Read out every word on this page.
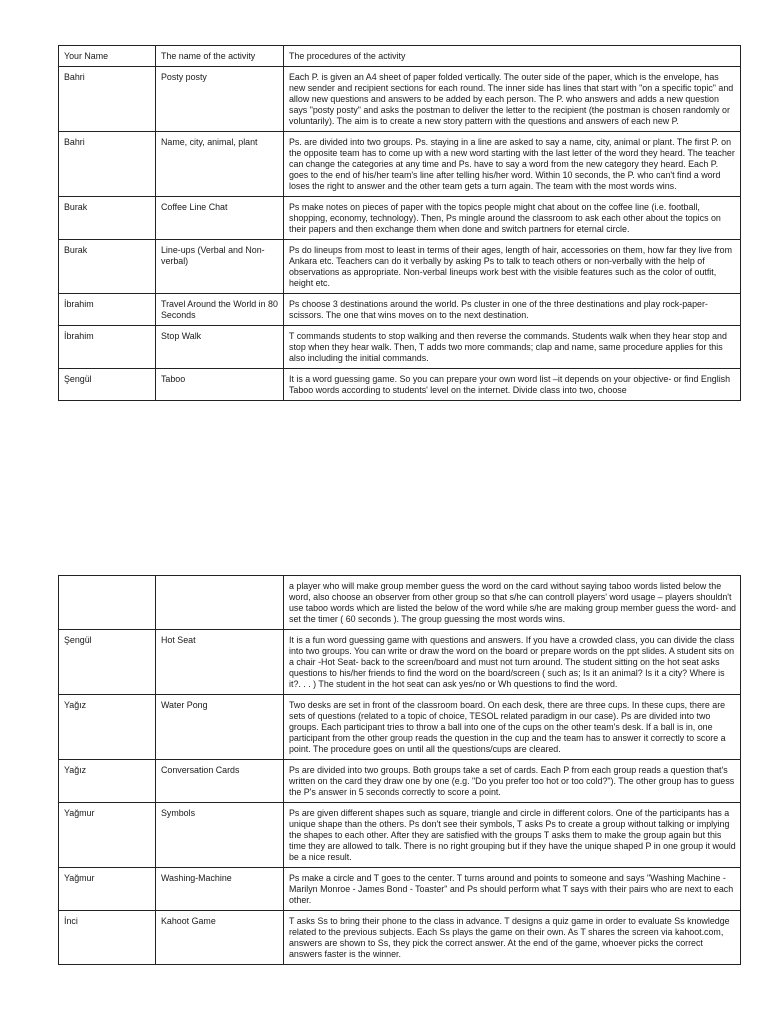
Your Name	The name of the activity	The procedures of the activity
Bahri	Posty posty	Each P. is given an A4 sheet of paper folded vertically. The outer side of the paper, which is the envelope, has new sender and recipient sections for each round. The inner side has lines that start with "on a specific topic" and allow new questions and answers to be added by each person. The P. who answers and adds a new question says "posty posty" and asks the postman to deliver the letter to the recipient (the postman is chosen randomly or voluntarily). The aim is to create a new story pattern with the questions and answers of each new P.
Bahri	Name, city, animal, plant	Ps. are divided into two groups. Ps. staying in a line are asked to say a name, city, animal or plant. The first P. on the opposite team has to come up with a new word starting with the last letter of the word they heard. The teacher can change the categories at any time and Ps. have to say a word from the new category they heard. Each P. goes to the end of his/her team's line after telling his/her word. Within 10 seconds, the P. who can't find a word loses the right to answer and the other team gets a turn again. The team with the most words wins.
Burak	Coffee Line Chat	Ps make notes on pieces of paper with the topics people might chat about on the coffee line (i.e. football, shopping, economy, technology). Then, Ps mingle around the classroom to ask each other about the topics on their papers and then exchange them when done and switch partners for eternal circle.
Burak	Line-ups (Verbal and Non-verbal)	Ps do lineups from most to least in terms of their ages, length of hair, accessories on them, how far they live from Ankara etc. Teachers can do it verbally by asking Ps to talk to teach others or non-verbally with the help of observations as appropriate. Non-verbal lineups work best with the visible features such as the color of outfit, height etc.
İbrahim	Travel Around the World in 80 Seconds	Ps choose 3 destinations around the world. Ps cluster in one of the three destinations and play rock-paper-scissors. The one that wins moves on to the next destination.
İbrahim	Stop Walk	T commands students to stop walking and then reverse the commands. Students walk when they hear stop and stop when they hear walk. Then, T adds two more commands; clap and name, same procedure applies for this also including the initial commands.
Şengül	Taboo	It is a word guessing game. So you can prepare your own word list –it depends on your objective- or find English Taboo words according to students' level on the internet. Divide class into two, choose
		a player who will make group member guess the word on the card without saying taboo words listed below the word, also choose an observer from other group so that s/he can controll players' word usage – players shouldn't use taboo words which are listed the below of the word while s/he are making group member guess the word- and set the timer ( 60 seconds ). The group guessing the most words wins.
Şengül	Hot Seat	It is a fun word guessing game with questions and answers. If you have a crowded class, you can divide the class into two groups. You can write or draw the word on the board or prepare words on the ppt slides. A student sits on a chair -Hot Seat- back to the screen/board and must not turn around. The student sitting on the hot seat asks questions to his/her friends to find the word on the board/screen ( such as; Is it an animal? Is it a city? Where is it?. . . ) The student in the hot seat can ask yes/no or Wh questions to find the word.
Yağız	Water Pong	Two desks are set in front of the classroom board. On each desk, there are three cups. In these cups, there are sets of questions (related to a topic of choice, TESOL related paradigm in our case). Ps are divided into two groups. Each participant tries to throw a ball into one of the cups on the other team's desk. If a ball is in, one participant from the other group reads the question in the cup and the team has to answer it correctly to score a point. The procedure goes on until all the questions/cups are cleared.
Yağız	Conversation Cards	Ps are divided into two groups. Both groups take a set of cards. Each P from each group reads a question that's written on the card they draw one by one (e.g. "Do you prefer too hot or too cold?"). The other group has to guess the P's answer in 5 seconds correctly to score a point.
Yağmur	Symbols	Ps are given different shapes such as square, triangle and circle in different colors. One of the participants has a unique shape than the others. Ps don't see their symbols, T asks Ps to create a group without talking or implying the shapes to each other. After they are satisfied with the groups T asks them to make the group again but this time they are allowed to talk. There is no right grouping but if they have the unique shaped P in one group it would be a nice result.
Yağmur	Washing-Machine	Ps make a circle and T goes to the center. T turns around and points to someone and says "Washing Machine - Marilyn Monroe - James Bond - Toaster" and Ps should perform what T says with their pairs who are next to each other.
İnci	Kahoot Game	T asks Ss to bring their phone to the class in advance. T designs a quiz game in order to evaluate Ss knowledge related to the previous subjects. Each Ss plays the game on their own. As T shares the screen via kahoot.com, answers are shown to Ss, they pick the correct answer. At the end of the game, whoever picks the correct answers faster is the winner.
